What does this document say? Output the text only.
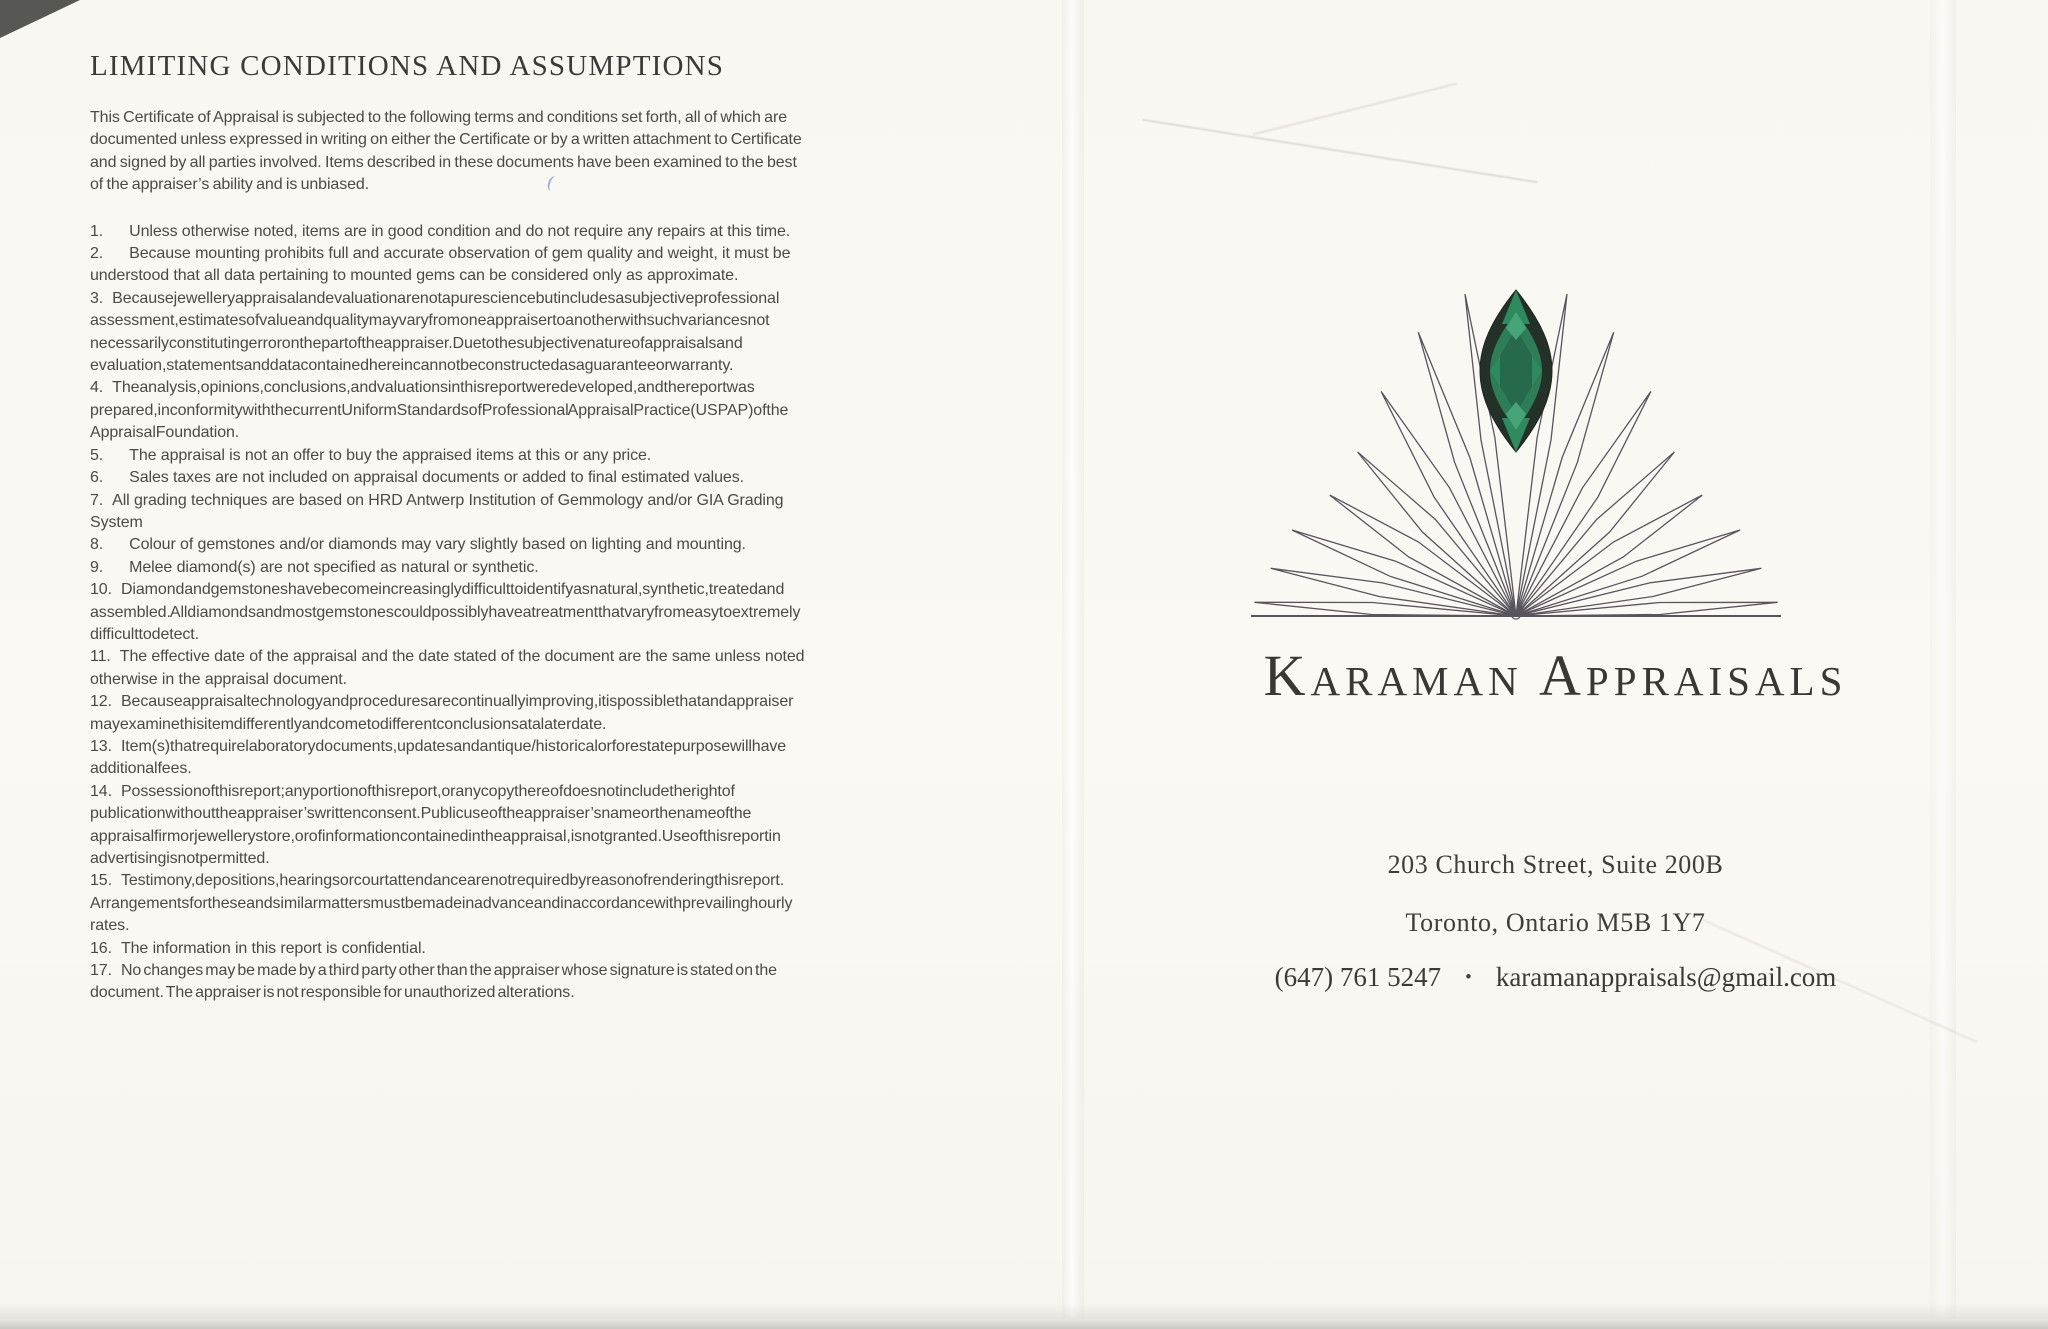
LIMITING CONDITIONS AND ASSUMPTIONS

This Certificate of Appraisal is subjected to the following terms and conditions set forth, all of which are documented unless expressed in writing on either the Certificate or by a written attachment to Certificate and signed by all parties involved. Items described in these documents have been examined to the best of the appraiser’s ability and is unbiased.

1. Unless otherwise noted, items are in good condition and do not require any repairs at this time.

2. Because mounting prohibits full and accurate observation of gem quality and weight, it must be understood that all data pertaining to mounted gems can be considered only as approximate.

3. Because jewellery appraisal and evaluation are not a pure science but includes a subjective professional assessment, estimates of value and quality may vary from one appraiser to another with such variances not necessarily constituting error on the part of the appraiser. Due to the subjective nature of appraisals and evaluation, statements and data contained herein cannot be constructed as a guarantee or warranty.

4. The analysis, opinions, conclusions, and valuations in this report were developed, and the report was prepared, in conformity with the current Uniform Standards of Professional Appraisal Practice (USPAP) of the Appraisal Foundation.

5. The appraisal is not an offer to buy the appraised items at this or any price.

6. Sales taxes are not included on appraisal documents or added to final estimated values.

7. All grading techniques are based on HRD Antwerp Institution of Gemmology and/or GIA Grading System

8. Colour of gemstones and/or diamonds may vary slightly based on lighting and mounting.

9. Melee diamond(s) are not specified as natural or synthetic.

10. Diamond and gemstones have become increasingly difficult to identify as natural, synthetic, treated and assembled. All diamonds and most gemstones could possibly have a treatment that vary from easy to extremely difficult to detect.

11. The effective date of the appraisal and the date stated of the document are the same unless noted otherwise in the appraisal document.

12. Because appraisal technology and procedures are continually improving, it is possible that and appraiser may examine this item differently and come to different conclusions at a later date.

13. Item(s) that require laboratory documents, updates and antique/historical or for estate purpose will have additional fees.

14. Possession of this report; any portion of this report, or any copy thereof does not include the right of publication without the appraiser’s written consent. Public use of the appraiser’s name or the name of the appraisal firm or jewellery store, or of information contained in the appraisal, is not granted. Use of this report in advertising is not permitted.

15. Testimony, depositions, hearings or court attendance are not required by reason of rendering this report. Arrangements for these and similar matters must be made in advance and in accordance with prevailing hourly rates.

16. The information in this report is confidential.

17. No changes may be made by a third party other than the appraiser whose signature is stated on the document. The appraiser is not responsible for unauthorized alterations.

Karaman Appraisals
203 Church Street, Suite 200B
Toronto, Ontario M5B 1Y7
(647) 761 5247 • karamanappraisals@gmail.com
